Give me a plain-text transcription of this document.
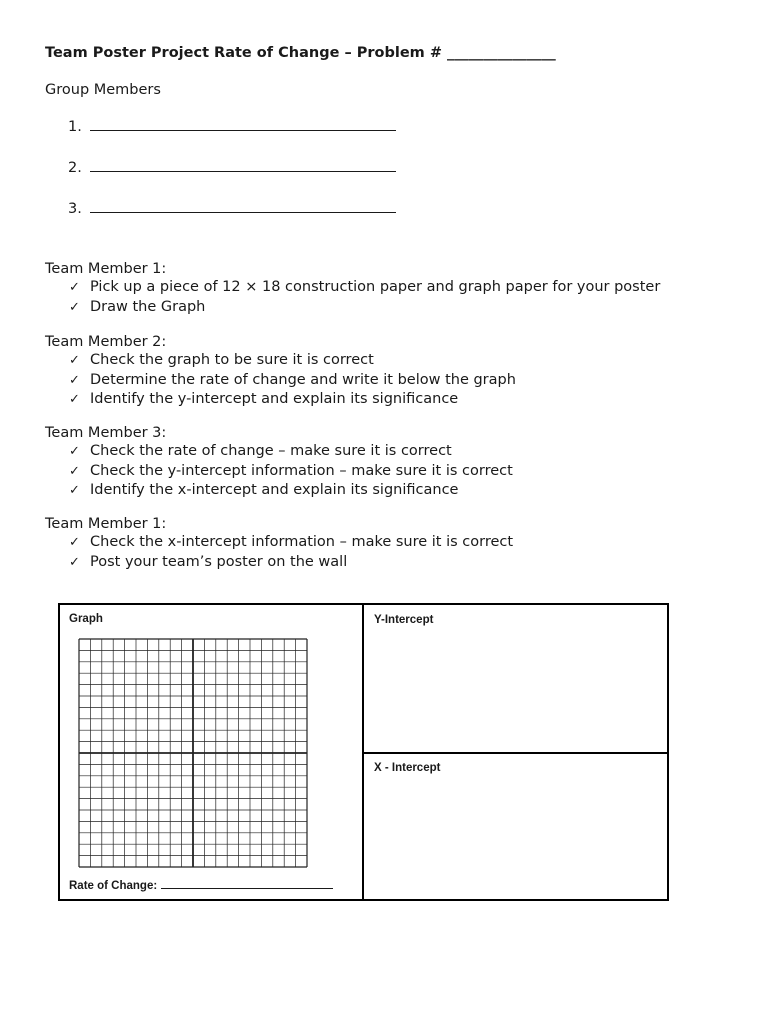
Team Poster Project Rate of Change – Problem # _______________
Group Members
1.
2.
3.
Team Member 1:
✓ Pick up a piece of 12 × 18 construction paper and graph paper for your poster
✓ Draw the Graph
Team Member 2:
✓ Check the graph to be sure it is correct
✓ Determine the rate of change and write it below the graph
✓ Identify the y-intercept and explain its significance
Team Member 3:
✓ Check the rate of change – make sure it is correct
✓ Check the y-intercept information – make sure it is correct
✓ Identify the x-intercept and explain its significance
Team Member 1:
✓ Check the x-intercept information – make sure it is correct
✓ Post your team’s poster on the wall
Graph
Rate of Change:
Y-Intercept
X - Intercept
